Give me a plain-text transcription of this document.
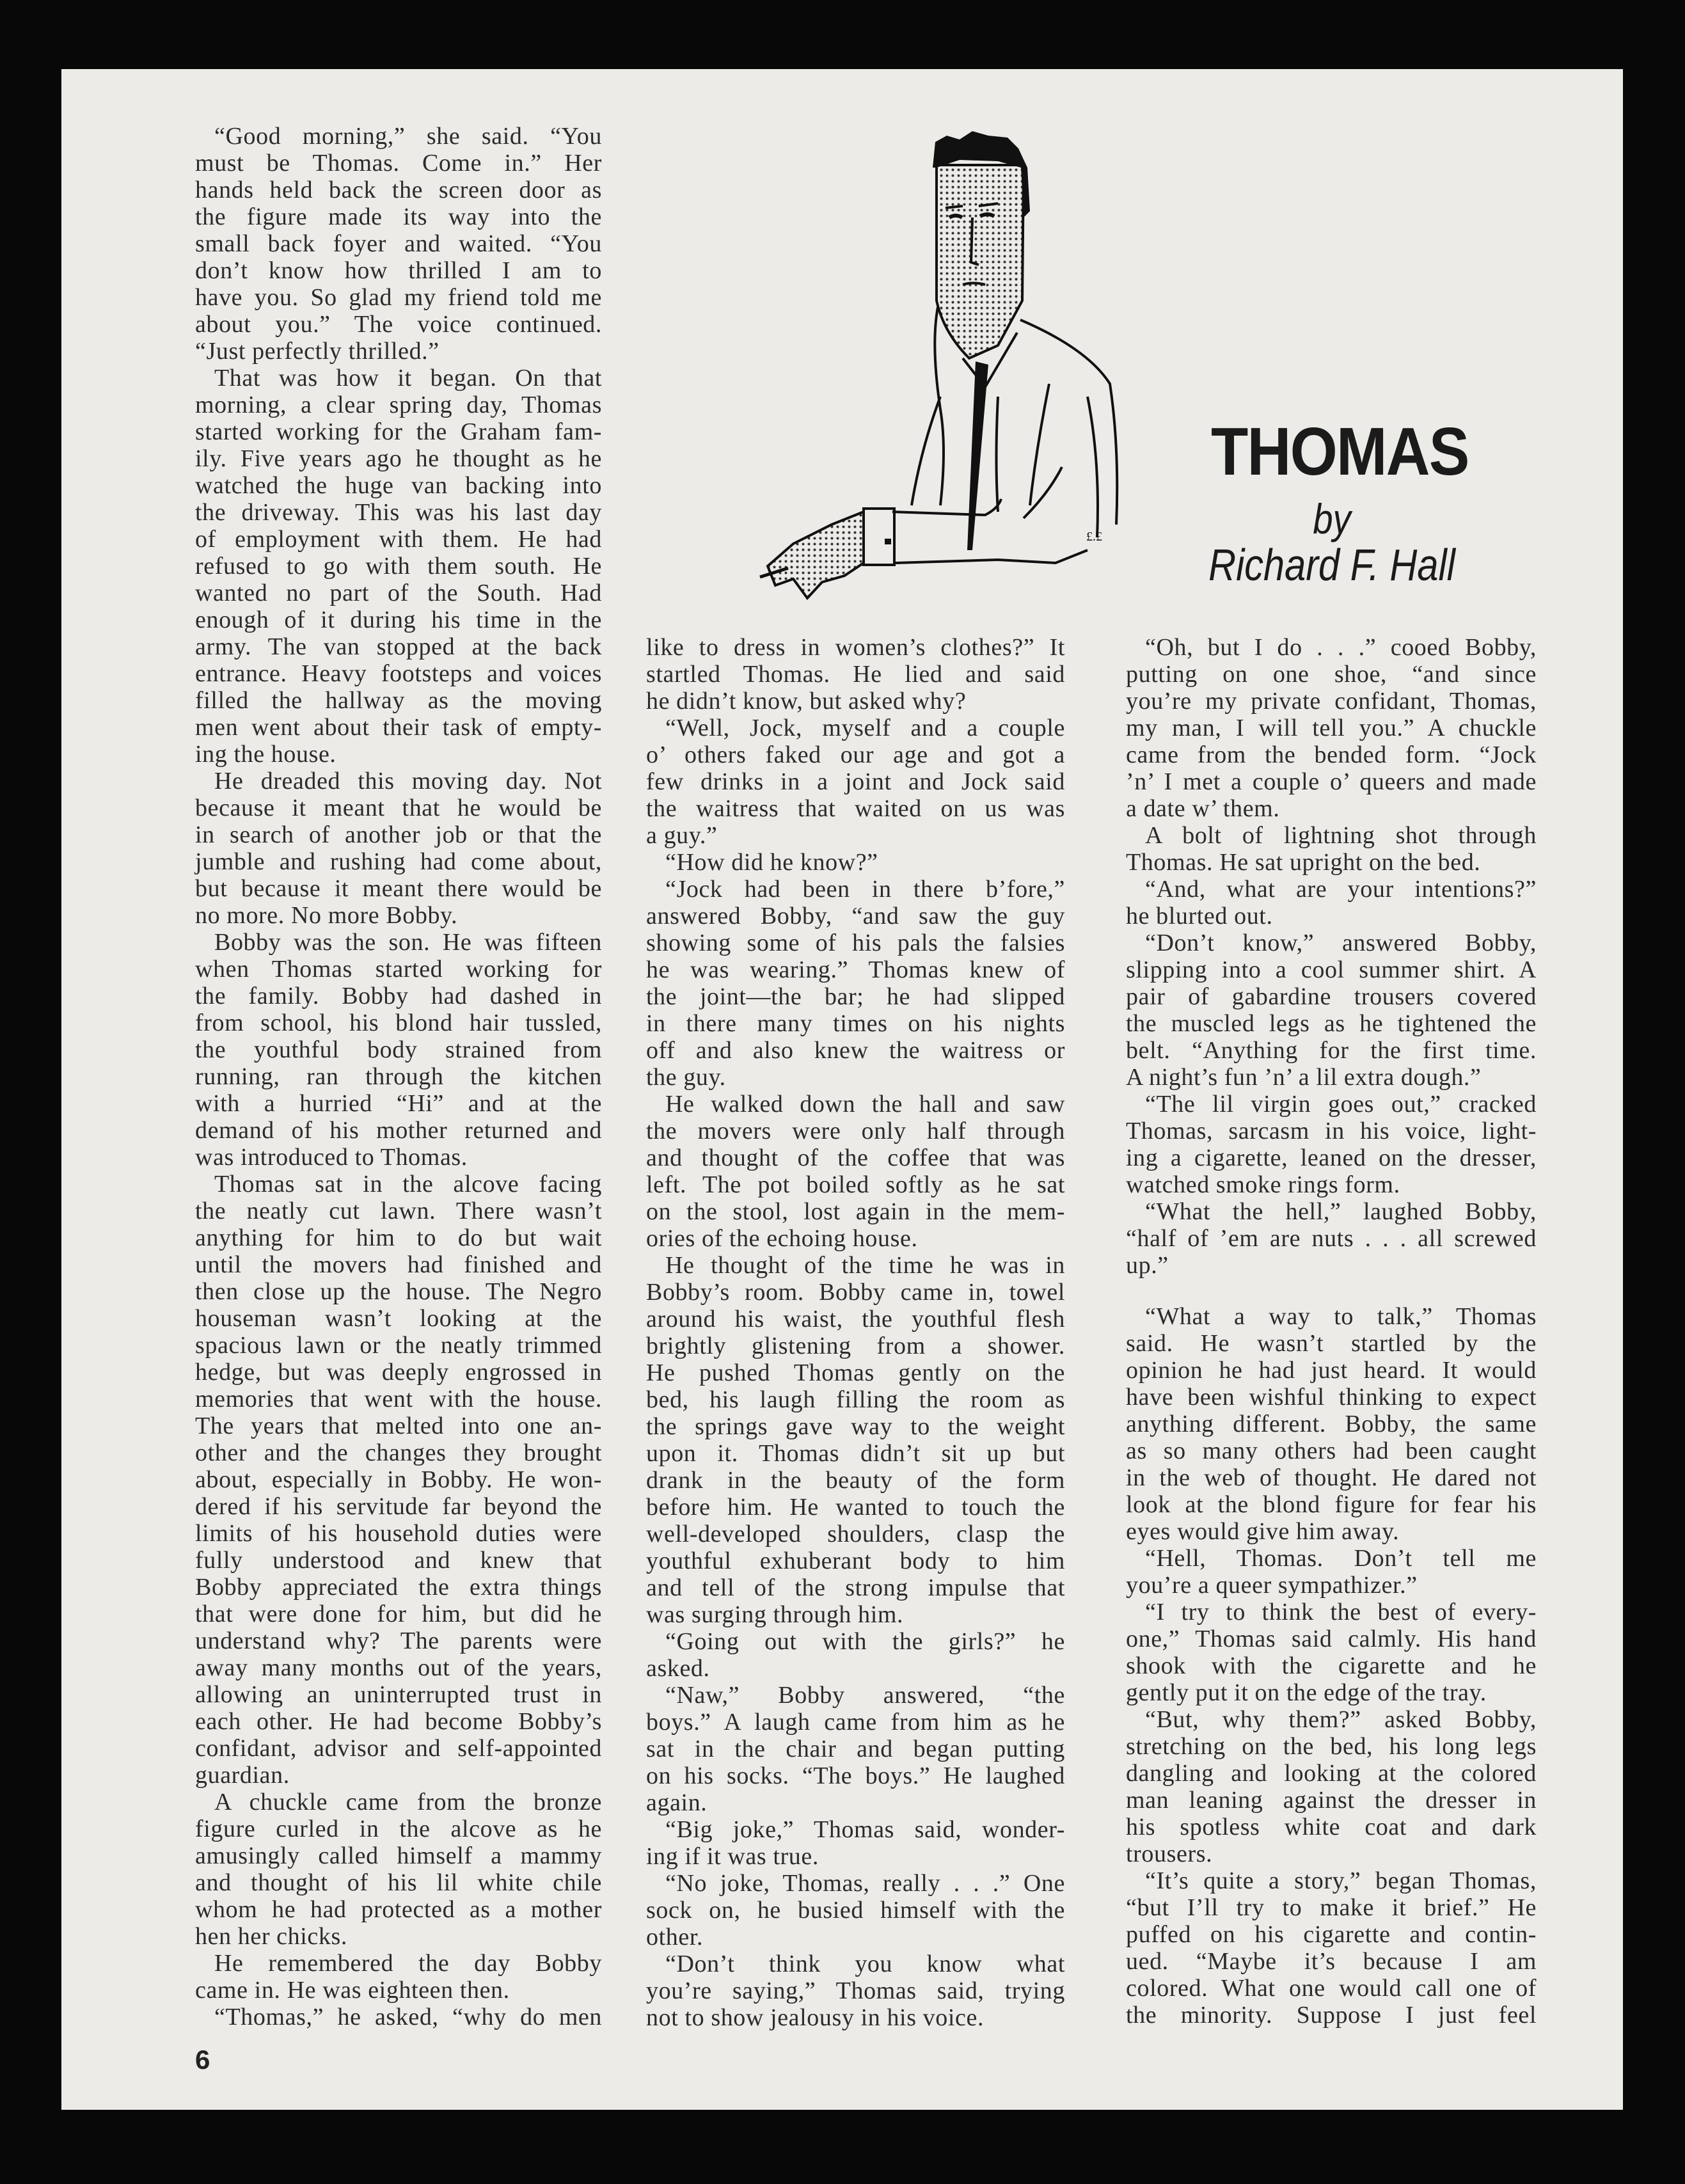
£.£
THOMAS
by
Richard F. Hall
“Good morning,” she said. “You
must be Thomas. Come in.” Her
hands held back the screen door as
the figure made its way into the
small back foyer and waited. “You
don’t know how thrilled I am to
have you. So glad my friend told me
about you.” The voice continued.
“Just perfectly thrilled.”
That was how it began. On that
morning, a clear spring day, Thomas
started working for the Graham fam-
ily. Five years ago he thought as he
watched the huge van backing into
the driveway. This was his last day
of employment with them. He had
refused to go with them south. He
wanted no part of the South. Had
enough of it during his time in the
army. The van stopped at the back
entrance. Heavy footsteps and voices
filled the hallway as the moving
men went about their task of empty-
ing the house.
He dreaded this moving day. Not
because it meant that he would be
in search of another job or that the
jumble and rushing had come about,
but because it meant there would be
no more. No more Bobby.
Bobby was the son. He was fifteen
when Thomas started working for
the family. Bobby had dashed in
from school, his blond hair tussled,
the youthful body strained from
running, ran through the kitchen
with a hurried “Hi” and at the
demand of his mother returned and
was introduced to Thomas.
Thomas sat in the alcove facing
the neatly cut lawn. There wasn’t
anything for him to do but wait
until the movers had finished and
then close up the house. The Negro
houseman wasn’t looking at the
spacious lawn or the neatly trimmed
hedge, but was deeply engrossed in
memories that went with the house.
The years that melted into one an-
other and the changes they brought
about, especially in Bobby. He won-
dered if his servitude far beyond the
limits of his household duties were
fully understood and knew that
Bobby appreciated the extra things
that were done for him, but did he
understand why? The parents were
away many months out of the years,
allowing an uninterrupted trust in
each other. He had become Bobby’s
confidant, advisor and self-appointed
guardian.
A chuckle came from the bronze
figure curled in the alcove as he
amusingly called himself a mammy
and thought of his lil white chile
whom he had protected as a mother
hen her chicks.
He remembered the day Bobby
came in. He was eighteen then.
“Thomas,” he asked, “why do men
like to dress in women’s clothes?” It
startled Thomas. He lied and said
he didn’t know, but asked why?
“Well, Jock, myself and a couple
o’ others faked our age and got a
few drinks in a joint and Jock said
the waitress that waited on us was
a guy.”
“How did he know?”
“Jock had been in there b’fore,”
answered Bobby, “and saw the guy
showing some of his pals the falsies
he was wearing.” Thomas knew of
the joint—the bar; he had slipped
in there many times on his nights
off and also knew the waitress or
the guy.
He walked down the hall and saw
the movers were only half through
and thought of the coffee that was
left. The pot boiled softly as he sat
on the stool, lost again in the mem-
ories of the echoing house.
He thought of the time he was in
Bobby’s room. Bobby came in, towel
around his waist, the youthful flesh
brightly glistening from a shower.
He pushed Thomas gently on the
bed, his laugh filling the room as
the springs gave way to the weight
upon it. Thomas didn’t sit up but
drank in the beauty of the form
before him. He wanted to touch the
well-developed shoulders, clasp the
youthful exhuberant body to him
and tell of the strong impulse that
was surging through him.
“Going out with the girls?” he
asked.
“Naw,” Bobby answered, “the
boys.” A laugh came from him as he
sat in the chair and began putting
on his socks. “The boys.” He laughed
again.
“Big joke,” Thomas said, wonder-
ing if it was true.
“No joke, Thomas, really . . .” One
sock on, he busied himself with the
other.
“Don’t think you know what
you’re saying,” Thomas said, trying
not to show jealousy in his voice.
“Oh, but I do . . .” cooed Bobby,
putting on one shoe, “and since
you’re my private confidant, Thomas,
my man, I will tell you.” A chuckle
came from the bended form. “Jock
’n’ I met a couple o’ queers and made
a date w’ them.
A bolt of lightning shot through
Thomas. He sat upright on the bed.
“And, what are your intentions?”
he blurted out.
“Don’t know,” answered Bobby,
slipping into a cool summer shirt. A
pair of gabardine trousers covered
the muscled legs as he tightened the
belt. “Anything for the first time.
A night’s fun ’n’ a lil extra dough.”
“The lil virgin goes out,” cracked
Thomas, sarcasm in his voice, light-
ing a cigarette, leaned on the dresser,
watched smoke rings form.
“What the hell,” laughed Bobby,
“half of ’em are nuts . . . all screwed
up.”
“What a way to talk,” Thomas
said. He wasn’t startled by the
opinion he had just heard. It would
have been wishful thinking to expect
anything different. Bobby, the same
as so many others had been caught
in the web of thought. He dared not
look at the blond figure for fear his
eyes would give him away.
“Hell, Thomas. Don’t tell me
you’re a queer sympathizer.”
“I try to think the best of every-
one,” Thomas said calmly. His hand
shook with the cigarette and he
gently put it on the edge of the tray.
“But, why them?” asked Bobby,
stretching on the bed, his long legs
dangling and looking at the colored
man leaning against the dresser in
his spotless white coat and dark
trousers.
“It’s quite a story,” began Thomas,
“but I’ll try to make it brief.” He
puffed on his cigarette and contin-
ued. “Maybe it’s because I am
colored. What one would call one of
the minority. Suppose I just feel
6
